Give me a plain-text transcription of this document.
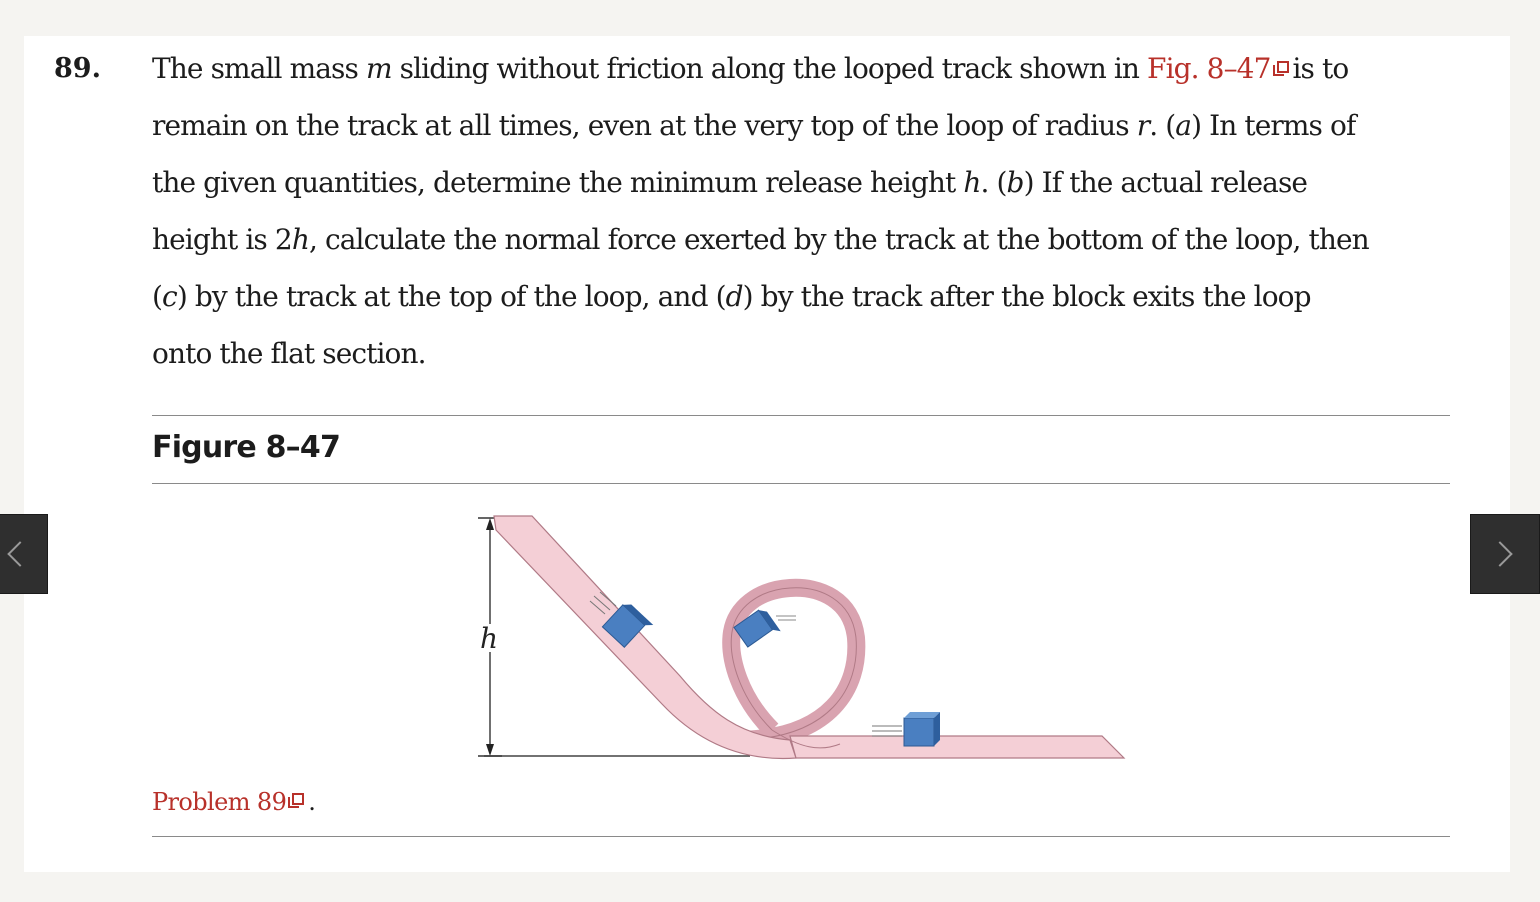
89. The small mass m sliding without friction along the looped track shown in Fig. 8–47 is to
remain on the track at all times, even at the very top of the loop of radius r. (a) In terms of
the given quantities, determine the minimum release height h. (b) If the actual release
height is 2h, calculate the normal force exerted by the track at the bottom of the loop, then
(c) by the track at the top of the loop, and (d) by the track after the block exits the loop
onto the flat section.
Figure 8–47
h
Problem 89 .
